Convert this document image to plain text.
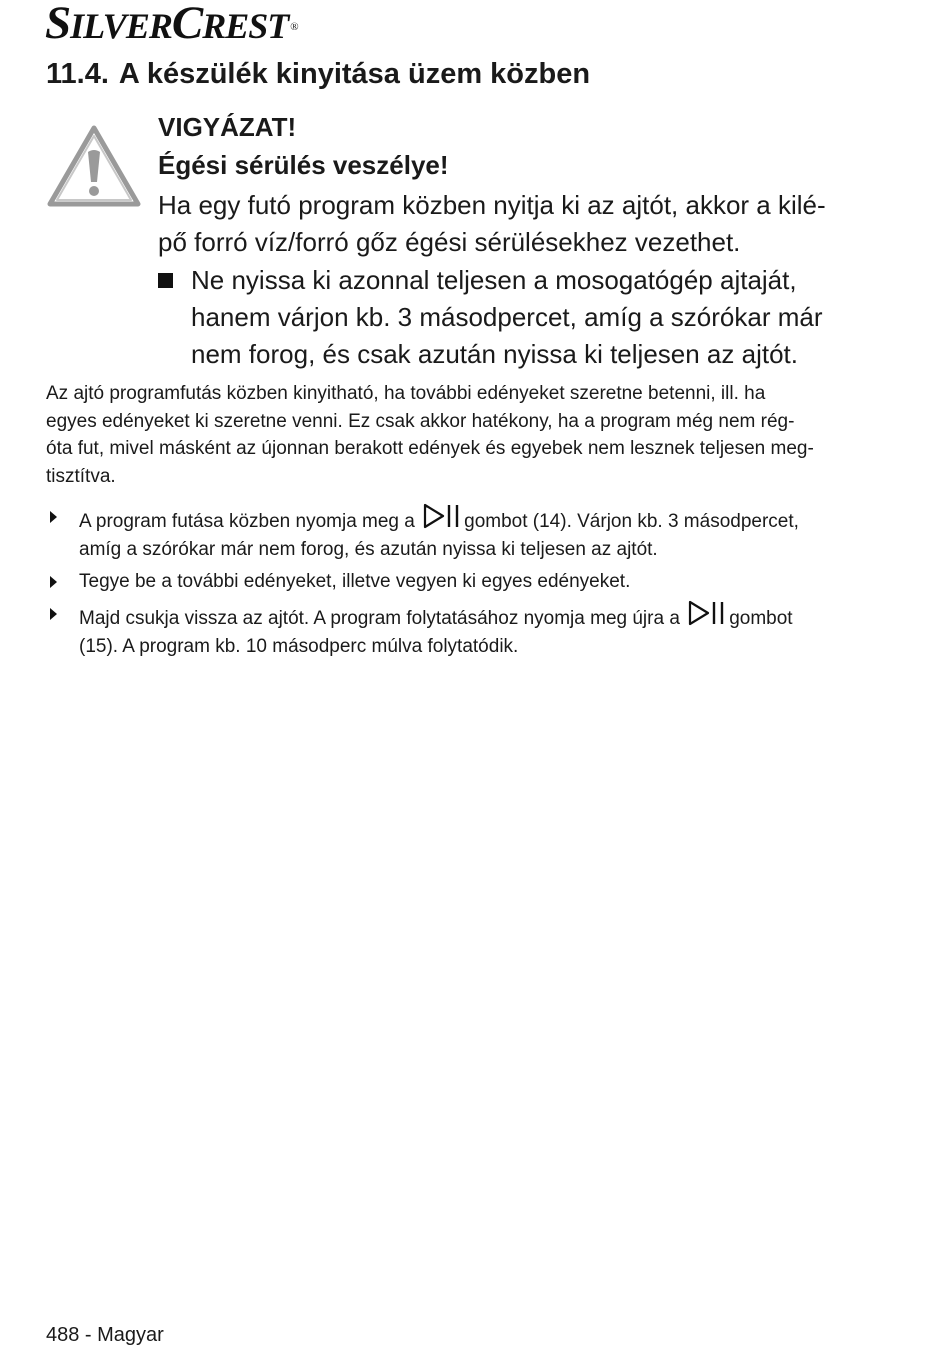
SILVERCREST ®
11.4. A készülék kinyitása üzem közben

VIGYÁZAT!

Égési sérülés veszélye!

Ha egy futó program közben nyitja ki az ajtót, akkor a kilé-
pő forró víz/forró gőz égési sérülésekhez vezethet.

Ne nyissa ki azonnal teljesen a mosogatógép ajtaját,
hanem várjon kb. 3 másodpercet, amíg a szórókar már
nem forog, és csak azután nyissa ki teljesen az ajtót.

Az ajtó programfutás közben kinyitható, ha további edényeket szeretne betenni, ill. ha
egyes edényeket ki szeretne venni. Ez csak akkor hatékony, ha a program még nem rég-
óta fut, mivel másként az újonnan berakott edények és egyebek nem lesznek teljesen meg-
tisztítva.

A program futása közben nyomja meg a	gombot (14). Várjon kb. 3 másodpercet,
amíg a szórókar már nem forog, és azután nyissa ki teljesen az ajtót.
Tegye be a további edényeket, illetve vegyen ki egyes edényeket.
Majd csukja vissza az ajtót. A program folytatásához nyomja meg újra a	gombot
(15). A program kb. 10 másodperc múlva folytatódik.

488 - Magyar
